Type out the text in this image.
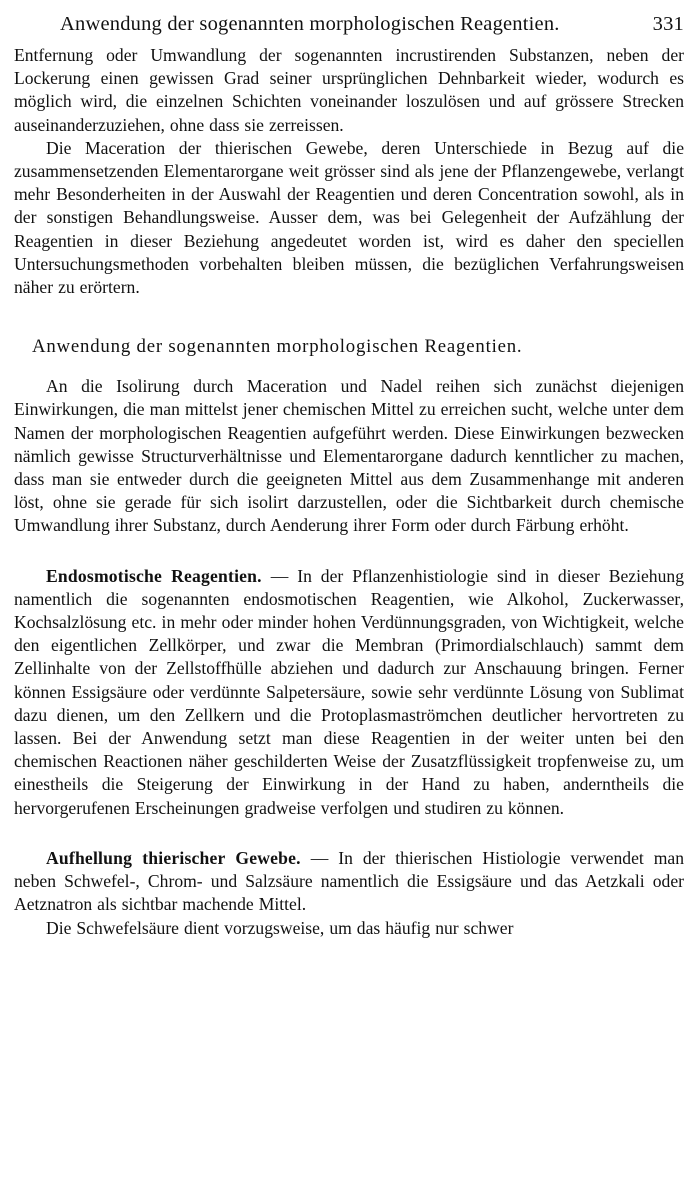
Anwendung der sogenannten morphologischen Reagentien.	331

Entfernung oder Umwandlung der sogenannten incrustirenden Substanzen, neben der Lockerung einen gewissen Grad seiner ursprünglichen Dehnbarkeit wieder, wodurch es möglich wird, die einzelnen Schichten voneinander loszulösen und auf grössere Strecken auseinanderzuziehen, ohne dass sie zerreissen.

Die Maceration der thierischen Gewebe, deren Unterschiede in Bezug auf die zusammensetzenden Elementarorgane weit grösser sind als jene der Pflanzengewebe, verlangt mehr Besonderheiten in der Auswahl der Reagentien und deren Concentration sowohl, als in der sonstigen Behandlungsweise. Ausser dem, was bei Gelegenheit der Aufzählung der Reagentien in dieser Beziehung angedeutet worden ist, wird es daher den speciellen Untersuchungsmethoden vorbehalten bleiben müssen, die bezüglichen Verfahrungsweisen näher zu erörtern.

Anwendung der sogenannten morphologischen Reagentien.

An die Isolirung durch Maceration und Nadel reihen sich zunächst diejenigen Einwirkungen, die man mittelst jener chemischen Mittel zu erreichen sucht, welche unter dem Namen der morphologischen Reagentien aufgeführt werden. Diese Einwirkungen bezwecken nämlich gewisse Structurverhältnisse und Elementarorgane dadurch kenntlicher zu machen, dass man sie entweder durch die geeigneten Mittel aus dem Zusammenhange mit anderen löst, ohne sie gerade für sich isolirt darzustellen, oder die Sichtbarkeit durch chemische Umwandlung ihrer Substanz, durch Aenderung ihrer Form oder durch Färbung erhöht.

Endosmotische Reagentien. — In der Pflanzenhistiologie sind in dieser Beziehung namentlich die sogenannten endosmotischen Reagentien, wie Alkohol, Zuckerwasser, Kochsalzlösung etc. in mehr oder minder hohen Verdünnungsgraden, von Wichtigkeit, welche den eigentlichen Zellkörper, und zwar die Membran (Primordialschlauch) sammt dem Zellinhalte von der Zellstoffhülle abziehen und dadurch zur Anschauung bringen. Ferner können Essigsäure oder verdünnte Salpetersäure, sowie sehr verdünnte Lösung von Sublimat dazu dienen, um den Zellkern und die Protoplasmaströmchen deutlicher hervortreten zu lassen. Bei der Anwendung setzt man diese Reagentien in der weiter unten bei den chemischen Reactionen näher geschilderten Weise der Zusatzflüssigkeit tropfenweise zu, um einestheils die Steigerung der Einwirkung in der Hand zu haben, anderntheils die hervorgerufenen Erscheinungen gradweise verfolgen und studiren zu können.

Aufhellung thierischer Gewebe. — In der thierischen Histiologie verwendet man neben Schwefel-, Chrom- und Salzsäure namentlich die Essigsäure und das Aetzkali oder Aetznatron als sichtbar machende Mittel.

Die Schwefelsäure dient vorzugsweise, um das häufig nur schwer
